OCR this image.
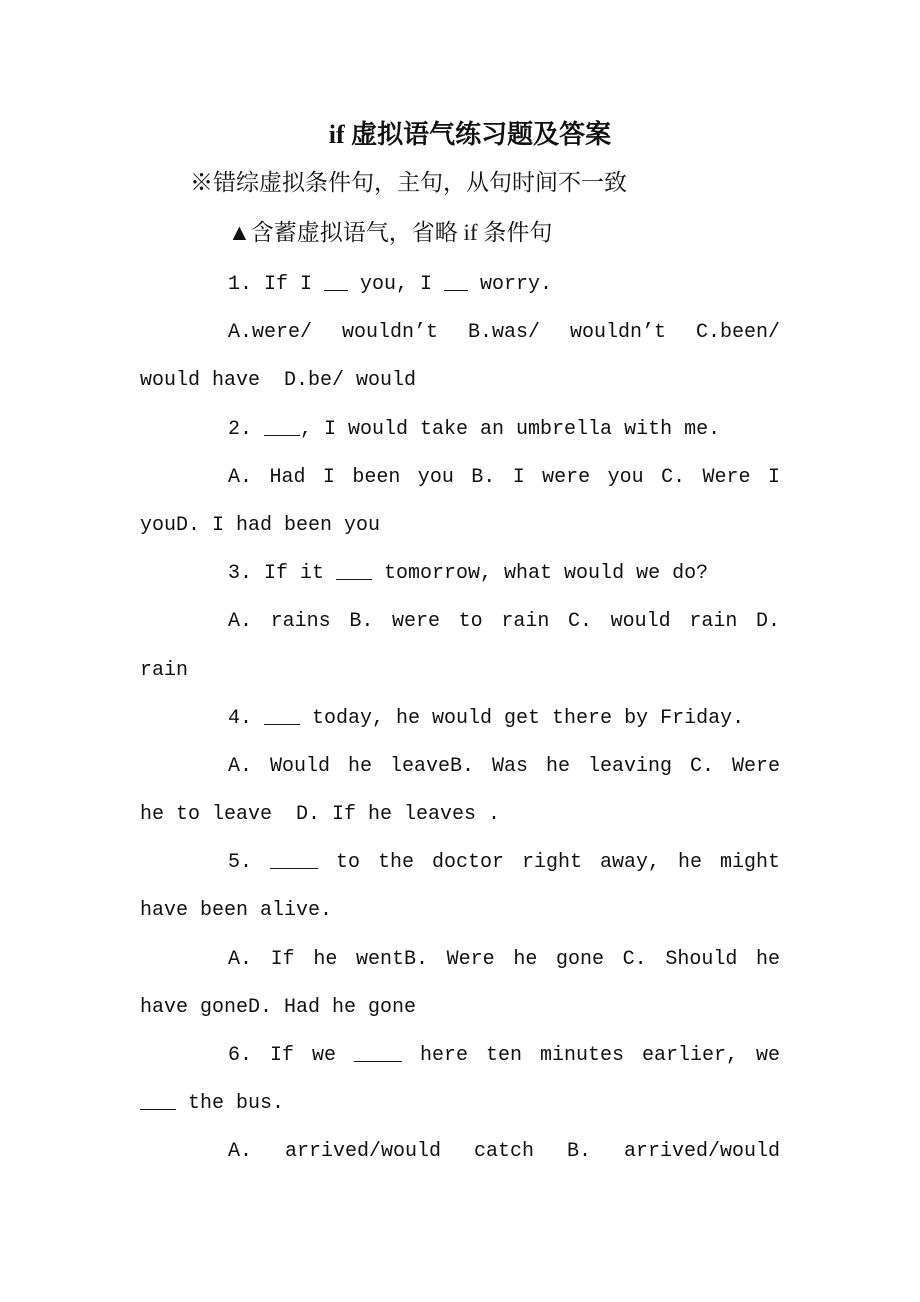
if 虚拟语气练习题及答案
※错综虚拟条件句，主句，从句时间不一致
▲含蓄虚拟语气，省略 if 条件句
1. If I __ you, I __ worry.
A.were/ wouldn’t B.was/ wouldn’t C.been/
would have  D.be/ would
2. ___, I would take an umbrella with me.
A. Had I been you B. I were you C. Were I
youD. I had been you
3. If it ___ tomorrow, what would we do?
A. rains B. were to rain C. would rain D.
rain
4. ___ today, he would get there by Friday.
A. Would he leaveB. Was he leaving C. Were
he to leave  D. If he leaves .
5. ____ to the doctor right away, he might
have been alive.
A. If he wentB. Were he gone C. Should he
have goneD. Had he gone
6. If we ____ here ten minutes earlier, we
___ the bus.
A. arrived/would catch B. arrived/would
